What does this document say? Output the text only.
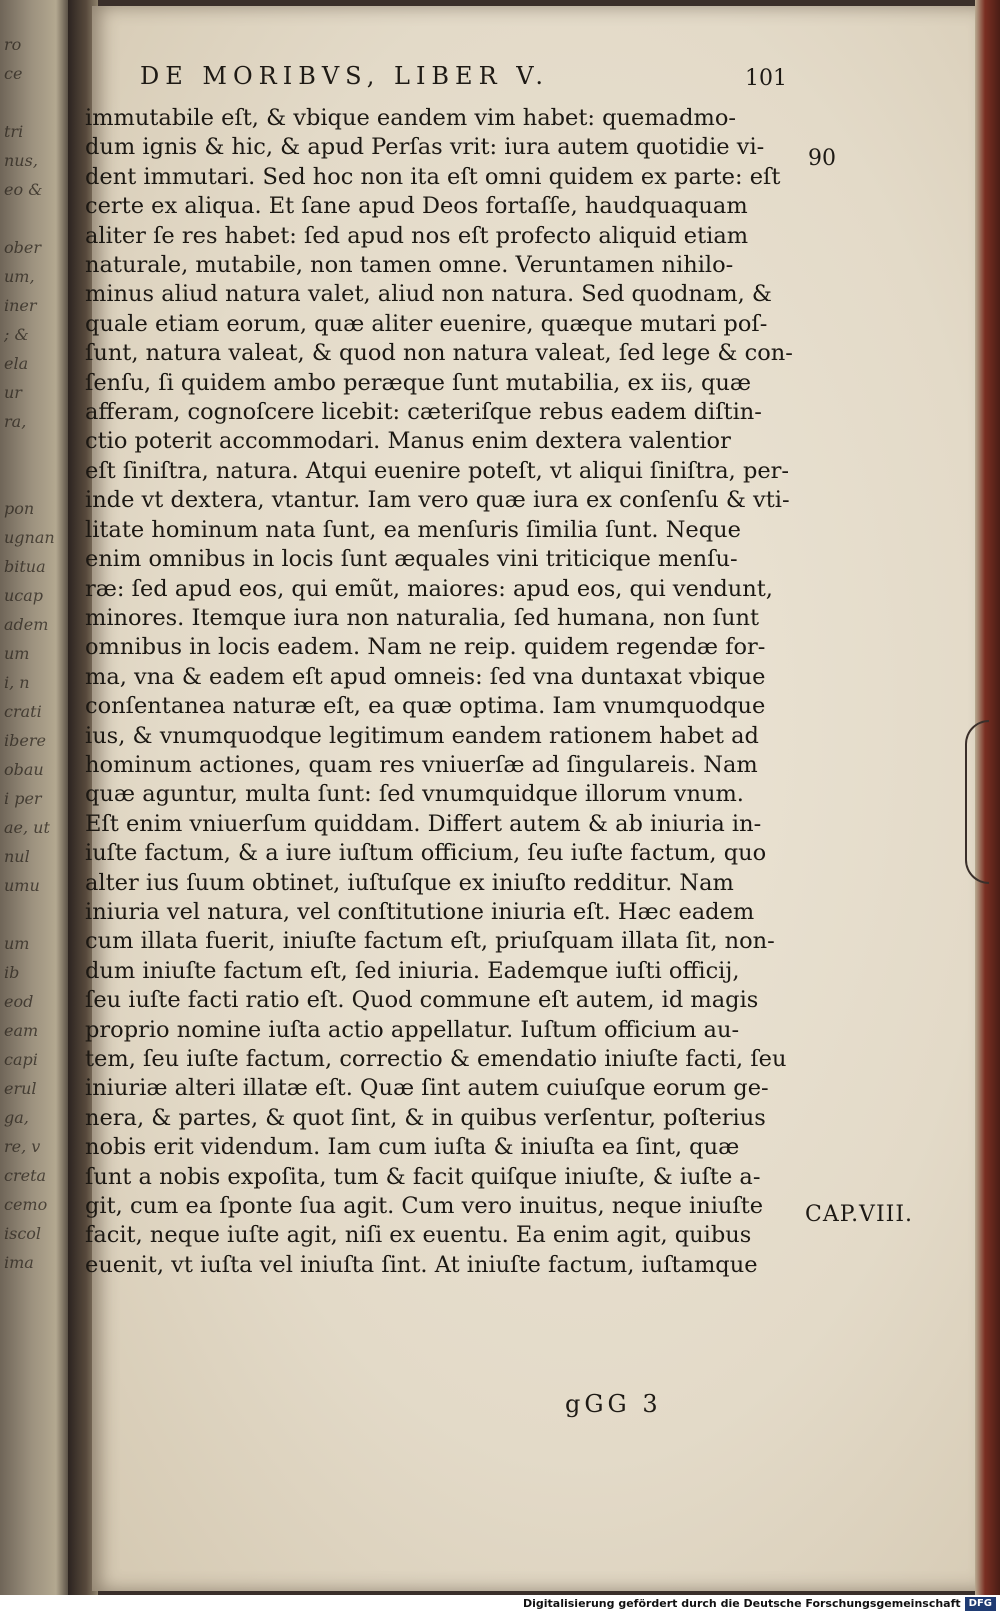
ro
ce
tri
nus,
eo &
ober
um,
iner
; &
ela
ur
ra,
pon
ugnan
bitua
ucap
adem
um
i, n
crati
ibere
obau
i per
ae, ut
nul
umu
um
ib
eod
eam
capi
erul
ga,
re, v
creta
cemo
iscol
ima
DE MORIBVS, LIBER V.	101
immutabile eſt, & vbique eandem vim habet: quemadmo-
dum ignis & hic, & apud Perſas vrit: iura autem quotidie vi-
dent immutari. Sed hoc non ita eſt omni quidem ex parte: eſt
certe ex aliqua. Et ſane apud Deos fortaſſe, haudquaquam
aliter ſe res habet: ſed apud nos eſt profecto aliquid etiam
naturale, mutabile, non tamen omne. Veruntamen nihilo-
minus aliud natura valet, aliud non natura. Sed quodnam, &
quale etiam eorum, quæ aliter euenire, quæque mutari poſ-
ſunt, natura valeat, & quod non natura valeat, ſed lege & con-
ſenſu, ſi quidem ambo peræque ſunt mutabilia, ex iis, quæ
afferam, cognoſcere licebit: cæteriſque rebus eadem diſtin-
ctio poterit accommodari. Manus enim dextera valentior
eſt ſiniſtra, natura. Atqui euenire poteſt, vt aliqui ſiniſtra, per-
inde vt dextera, vtantur. Iam vero quæ iura ex conſenſu & vti-
litate hominum nata ſunt, ea menſuris ſimilia ſunt. Neque
enim omnibus in locis ſunt æquales vini triticique menſu-
ræ: ſed apud eos, qui emũt, maiores: apud eos, qui vendunt,
minores. Itemque iura non naturalia, ſed humana, non ſunt
omnibus in locis eadem. Nam ne reip. quidem regendæ for-
ma, vna & eadem eſt apud omneis: ſed vna duntaxat vbique
conſentanea naturæ eſt, ea quæ optima. Iam vnumquodque
ius, & vnumquodque legitimum eandem rationem habet ad
hominum actiones, quam res vniuerſæ ad ſingulareis. Nam
quæ aguntur, multa ſunt: ſed vnumquidque illorum vnum.
Eſt enim vniuerſum quiddam. Differt autem & ab iniuria in-
iuſte factum, & a iure iuſtum officium, ſeu iuſte factum, quo
alter ius ſuum obtinet, iuſtuſque ex iniuſto redditur. Nam
iniuria vel natura, vel conſtitutione iniuria eſt. Hæc eadem
cum illata fuerit, iniuſte factum eſt, priuſquam illata ſit, non-
dum iniuſte factum eſt, ſed iniuria. Eademque iuſti officij,
ſeu iuſte facti ratio eſt. Quod commune eſt autem, id magis
proprio nomine iuſta actio appellatur. Iuſtum officium au-
tem, ſeu iuſte factum, correctio & emendatio iniuſte facti, ſeu
iniuriæ alteri illatæ eſt. Quæ ſint autem cuiuſque eorum ge-
nera, & partes, & quot ſint, & in quibus verſentur, poſterius
nobis erit videndum. Iam cum iuſta & iniuſta ea ſint, quæ
ſunt a nobis expoſita, tum & facit quiſque iniuſte, & iuſte a-
git, cum ea ſponte ſua agit. Cum vero inuitus, neque iniuſte
facit, neque iuſte agit, niſi ex euentu. Ea enim agit, quibus
euenit, vt iuſta vel iniuſta ſint. At iniuſte factum, iuſtamque
90
CAP.VIII.
gGG 3
Digitalisierung gefördert durch die Deutsche Forschungsgemeinschaft DFG
